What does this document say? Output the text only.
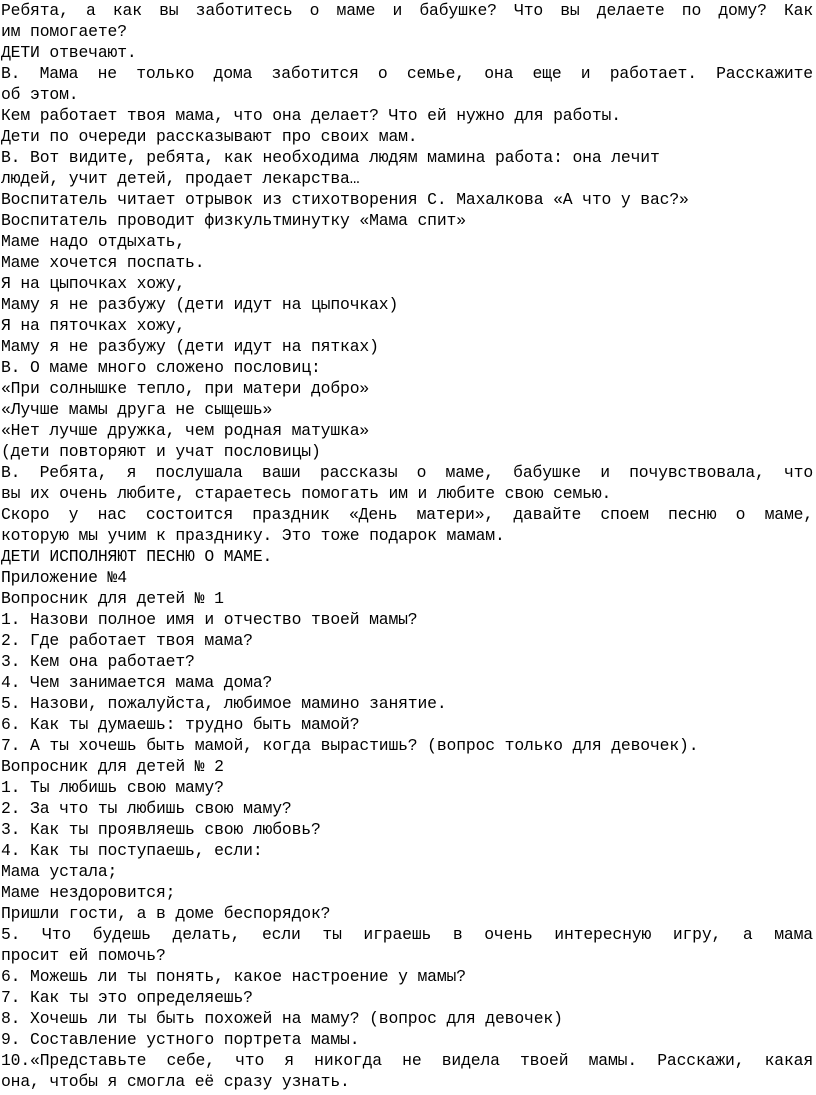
Ребята, а как вы заботитесь о маме и бабушке? Что вы делаете по дому? Как
им помогаете?
ДЕТИ отвечают.
В. Мама не только дома заботится о семье, она еще и работает. Расскажите
об этом.
Кем работает твоя мама, что она делает? Что ей нужно для работы.
Дети по очереди рассказывают про своих мам.
В. Вот видите, ребята, как необходима людям мамина работа: она лечит
людей, учит детей, продает лекарства…
Воспитатель читает отрывок из стихотворения С. Махалкова «А что у вас?»
Воспитатель проводит физкультминутку «Мама спит»
Маме надо отдыхать,
Маме хочется поспать.
Я на цыпочках хожу,
Маму я не разбужу (дети идут на цыпочках)
Я на пяточках хожу,
Маму я не разбужу (дети идут на пятках)
В. О маме много сложено пословиц:
«При солнышке тепло, при матери добро»
«Лучше мамы друга не сыщешь»
«Нет лучше дружка, чем родная матушка»
(дети повторяют и учат пословицы)
В. Ребята, я послушала ваши рассказы о маме, бабушке и почувствовала, что
вы их очень любите, стараетесь помогать им и любите свою семью.
Скоро у нас состоится праздник «День матери», давайте споем песню о маме,
которую мы учим к празднику. Это тоже подарок мамам.
ДЕТИ ИСПОЛНЯЮТ ПЕСНЮ О МАМЕ.
Приложение №4
Вопросник для детей № 1
1. Назови полное имя и отчество твоей мамы?
2. Где работает твоя мама?
3. Кем она работает?
4. Чем занимается мама дома?
5. Назови, пожалуйста, любимое мамино занятие.
6. Как ты думаешь: трудно быть мамой?
7. А ты хочешь быть мамой, когда вырастишь? (вопрос только для девочек).
Вопросник для детей № 2
1. Ты любишь свою маму?
2. За что ты любишь свою маму?
3. Как ты проявляешь свою любовь?
4. Как ты поступаешь, если:
Мама устала;
Маме нездоровится;
Пришли гости, а в доме беспорядок?
5. Что будешь делать, если ты играешь в очень интересную игру, а мама
просит ей помочь?
6. Можешь ли ты понять, какое настроение у мамы?
7. Как ты это определяешь?
8. Хочешь ли ты быть похожей на маму? (вопрос для девочек)
9. Составление устного портрета мамы.
10.«Представьте себе, что я никогда не видела твоей мамы. Расскажи, какая
она, чтобы я смогла её сразу узнать.
